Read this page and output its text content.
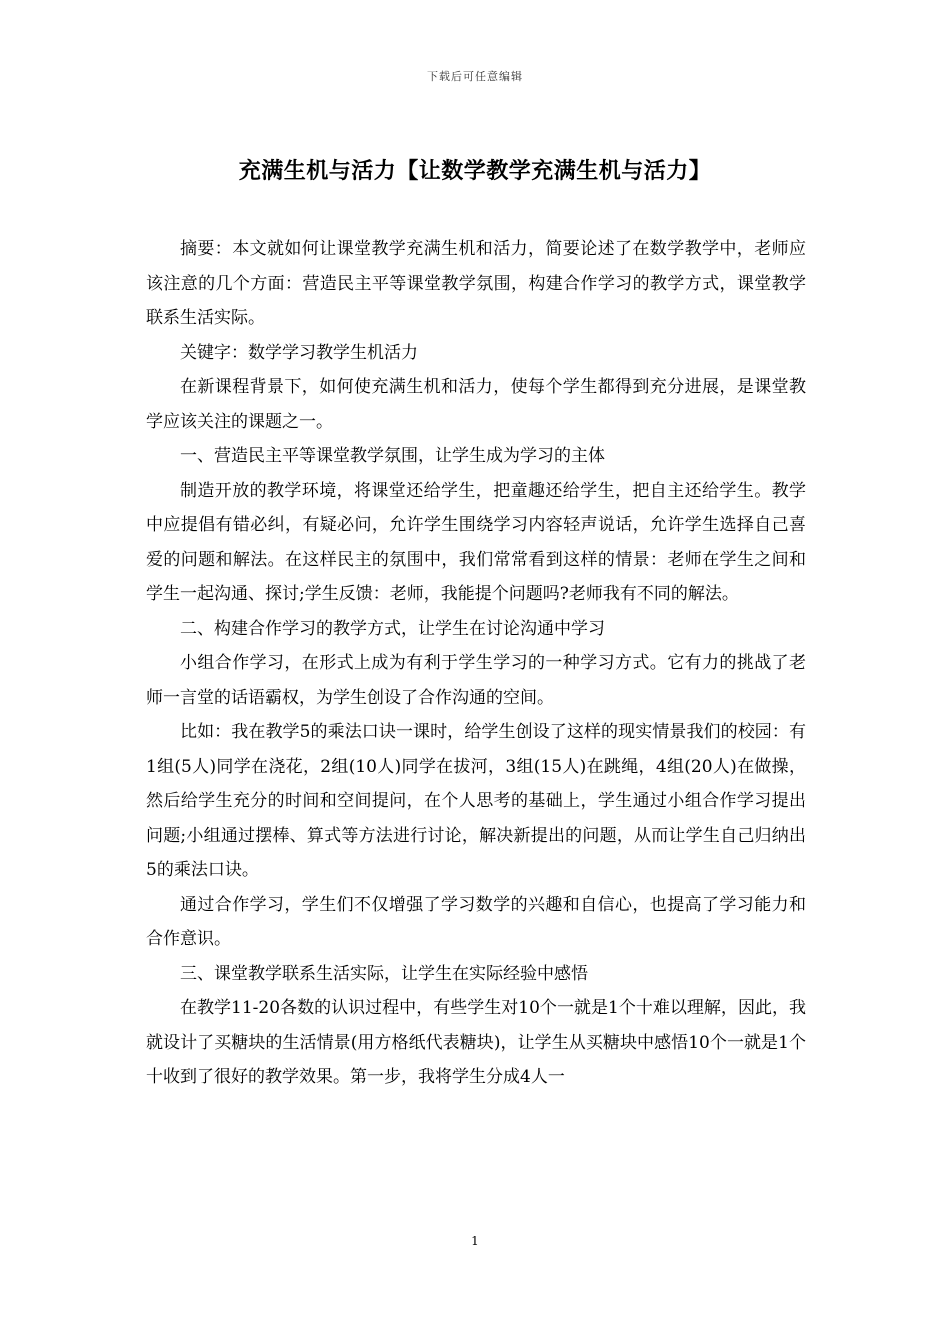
下载后可任意编辑
充满生机与活力【让数学教学充满生机与活力】

摘要：本文就如何让课堂教学充满生机和活力，简要论述了在数学教学中，老师应该注意的几个方面：营造民主平等课堂教学氛围，构建合作学习的教学方式，课堂教学联系生活实际。

关键字：数学学习教学生机活力

在新课程背景下，如何使充满生机和活力，使每个学生都得到充分进展，是课堂教学应该关注的课题之一。

一、营造民主平等课堂教学氛围，让学生成为学习的主体

制造开放的教学环境，将课堂还给学生，把童趣还给学生，把自主还给学生。教学中应提倡有错必纠，有疑必问，允许学生围绕学习内容轻声说话，允许学生选择自己喜爱的问题和解法。在这样民主的氛围中，我们常常看到这样的情景：老师在学生之间和学生一起沟通、探讨;学生反馈：老师，我能提个问题吗?老师我有不同的解法。

二、构建合作学习的教学方式，让学生在讨论沟通中学习

小组合作学习，在形式上成为有利于学生学习的一种学习方式。它有力的挑战了老师一言堂的话语霸权，为学生创设了合作沟通的空间。

比如：我在教学5的乘法口诀一课时，给学生创设了这样的现实情景我们的校园：有1组(5人)同学在浇花，2组(10人)同学在拔河，3组(15人)在跳绳，4组(20人)在做操，然后给学生充分的时间和空间提问，在个人思考的基础上，学生通过小组合作学习提出问题;小组通过摆棒、算式等方法进行讨论，解决新提出的问题，从而让学生自己归纳出5的乘法口诀。

通过合作学习，学生们不仅增强了学习数学的兴趣和自信心，也提高了学习能力和合作意识。

三、课堂教学联系生活实际，让学生在实际经验中感悟

在教学11-20各数的认识过程中，有些学生对10个一就是1个十难以理解，因此，我就设计了买糖块的生活情景(用方格纸代表糖块)，让学生从买糖块中感悟10个一就是1个十收到了很好的教学效果。第一步，我将学生分成4人一

1
